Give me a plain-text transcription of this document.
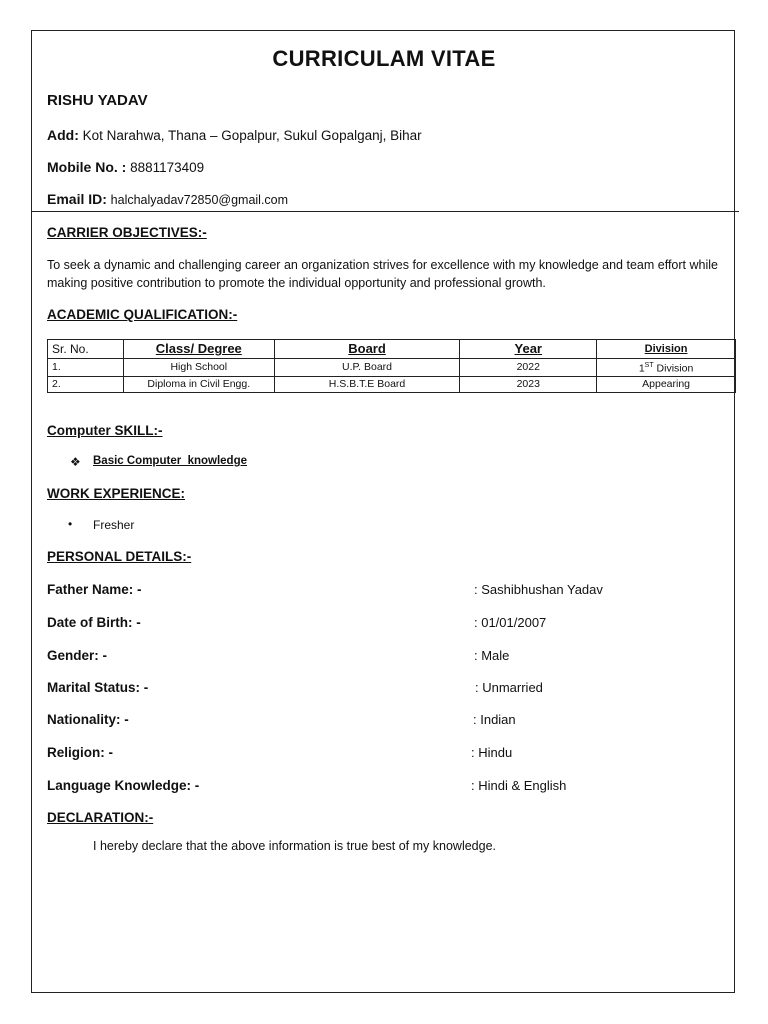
CURRICULAM VITAE
RISHU YADAV
Add: Kot Narahwa, Thana – Gopalpur, Sukul Gopalganj, Bihar
Mobile No. : 8881173409
Email ID: halchalyadav72850@gmail.com
CARRIER OBJECTIVES:-
To seek a dynamic and challenging career an organization strives for excellence with my knowledge and team effort while making positive contribution to promote the individual opportunity and professional growth.
ACADEMIC QUALIFICATION:-
Sr. No.	Class/ Degree	Board	Year	Division
1.	High School	U.P. Board	2022	1ST Division
2.	Diploma in Civil Engg.	H.S.B.T.E Board	2023	Appearing
Computer SKILL:-
❖ Basic Computer  knowledge
WORK EXPERIENCE:
• Fresher
PERSONAL DETAILS:-
Father Name: -	: Sashibhushan Yadav
Date of Birth: -	: 01/01/2007
Gender: -	: Male
Marital Status: -	: Unmarried
Nationality: -	: Indian
Religion: -	: Hindu
Language Knowledge: -	: Hindi & English
DECLARATION:-
I hereby declare that the above information is true best of my knowledge.
